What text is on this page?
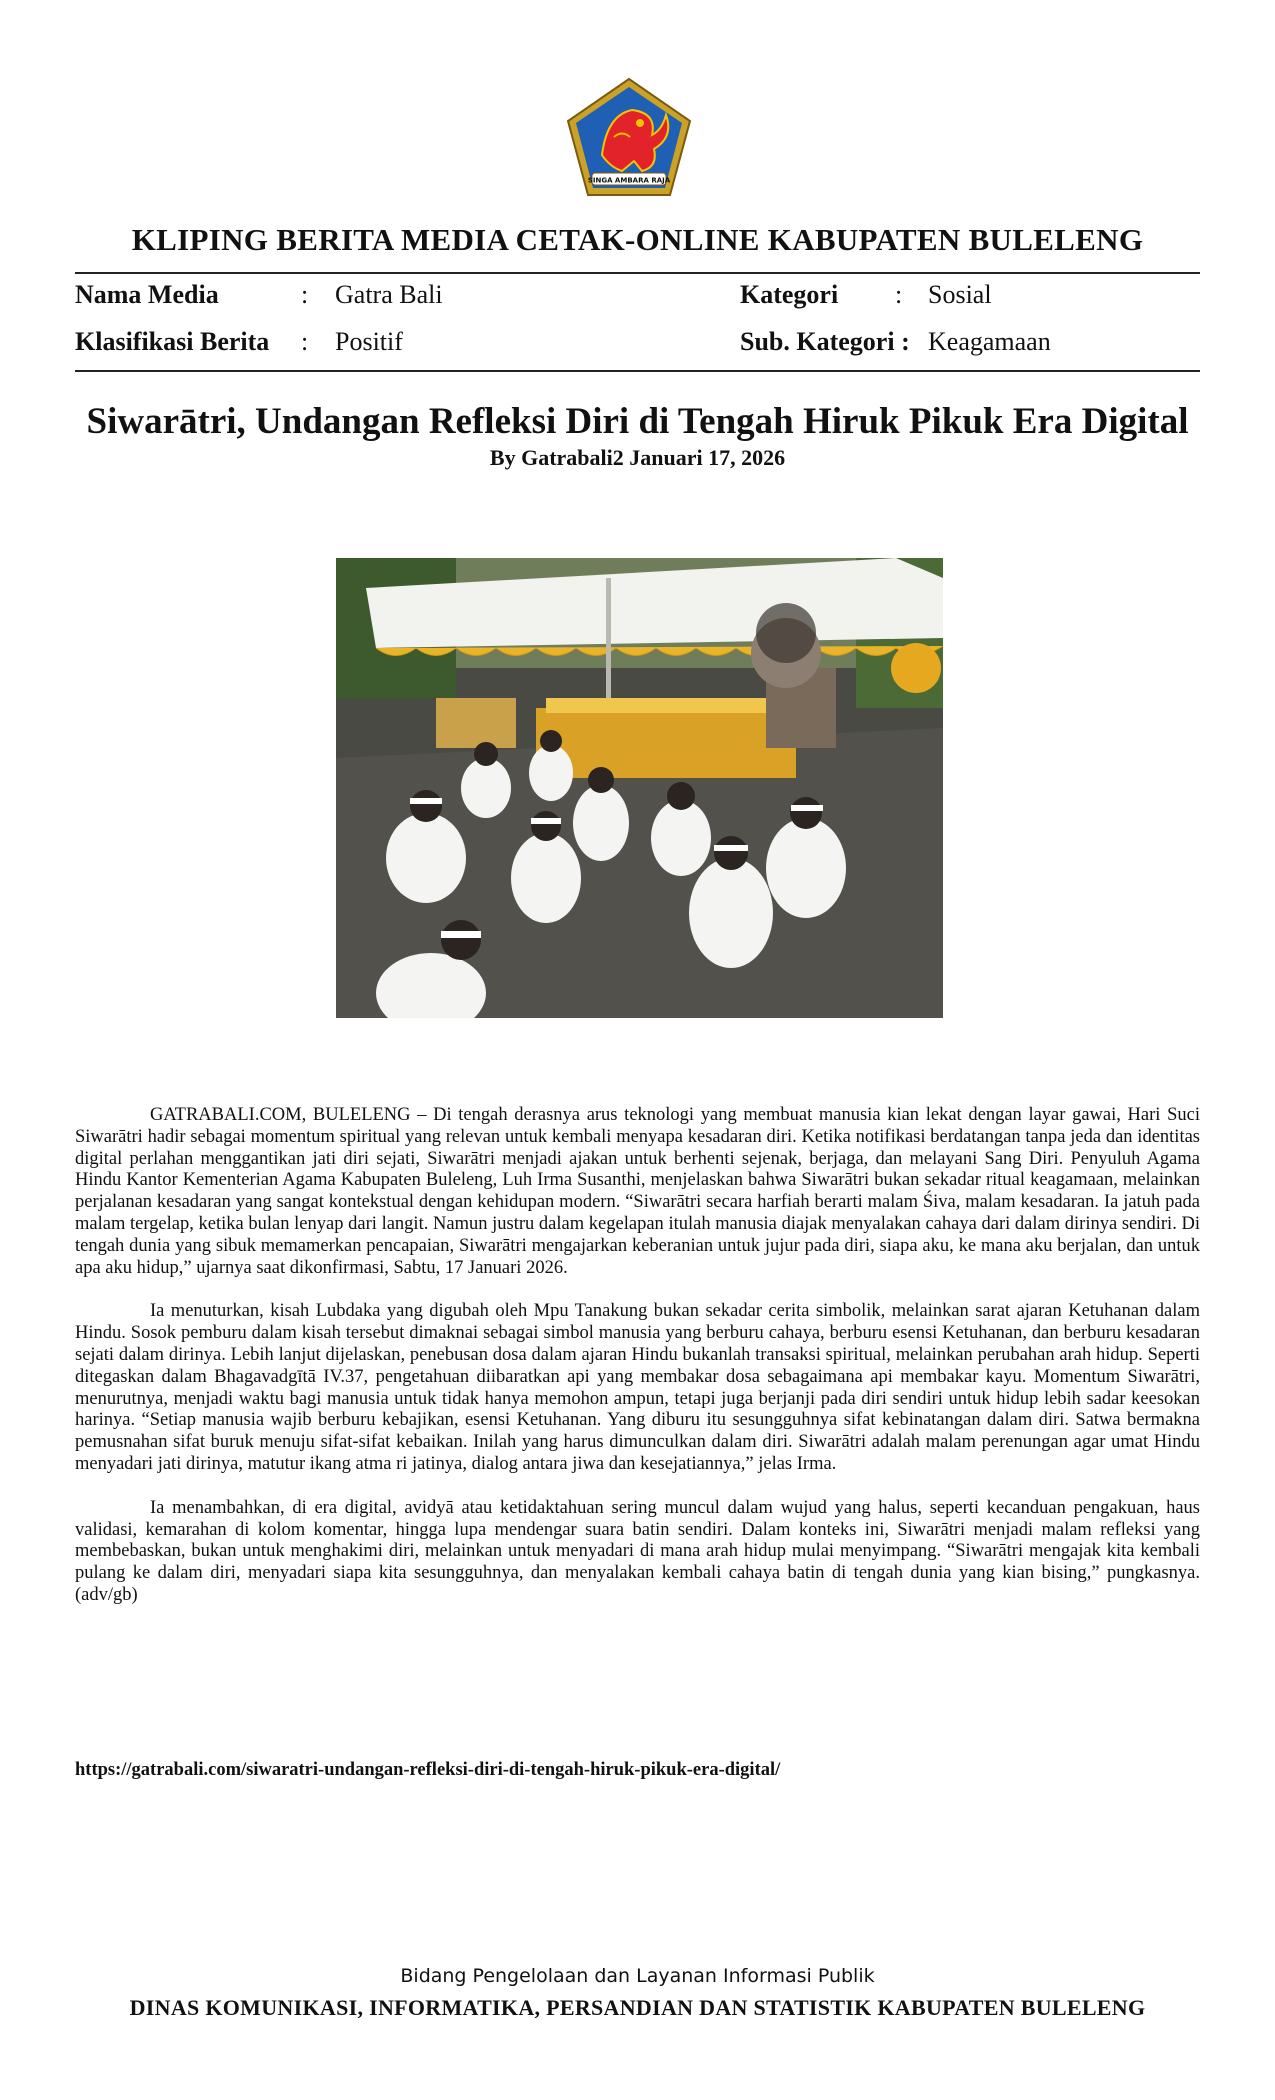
SINGA AMBARA RAJA
KLIPING BERITA MEDIA CETAK-ONLINE KABUPATEN BULELENG
Nama Media	: Gatra Bali	Kategori : Sosial
Klasifikasi Berita : Positif	Sub. Kategori : Keagamaan
Siwarātri, Undangan Refleksi Diri di Tengah Hiruk Pikuk Era Digital
By Gatrabali2 Januari 17, 2026

GATRABALI.COM, BULELENG – Di tengah derasnya arus teknologi yang membuat manusia kian lekat dengan layar gawai, Hari Suci Siwarātri hadir sebagai momentum spiritual yang relevan untuk kembali menyapa kesadaran diri. Ketika notifikasi berdatangan tanpa jeda dan identitas digital perlahan menggantikan jati diri sejati, Siwarātri menjadi ajakan untuk berhenti sejenak, berjaga, dan melayani Sang Diri. Penyuluh Agama Hindu Kantor Kementerian Agama Kabupaten Buleleng, Luh Irma Susanthi, menjelaskan bahwa Siwarātri bukan sekadar ritual keagamaan, melainkan perjalanan kesadaran yang sangat kontekstual dengan kehidupan modern. “Siwarātri secara harfiah berarti malam Śiva, malam kesadaran. Ia jatuh pada malam tergelap, ketika bulan lenyap dari langit. Namun justru dalam kegelapan itulah manusia diajak menyalakan cahaya dari dalam dirinya sendiri. Di tengah dunia yang sibuk memamerkan pencapaian, Siwarātri mengajarkan keberanian untuk jujur pada diri, siapa aku, ke mana aku berjalan, dan untuk apa aku hidup,” ujarnya saat dikonfirmasi, Sabtu, 17 Januari 2026.

Ia menuturkan, kisah Lubdaka yang digubah oleh Mpu Tanakung bukan sekadar cerita simbolik, melainkan sarat ajaran Ketuhanan dalam Hindu. Sosok pemburu dalam kisah tersebut dimaknai sebagai simbol manusia yang berburu cahaya, berburu esensi Ketuhanan, dan berburu kesadaran sejati dalam dirinya. Lebih lanjut dijelaskan, penebusan dosa dalam ajaran Hindu bukanlah transaksi spiritual, melainkan perubahan arah hidup. Seperti ditegaskan dalam Bhagavadgītā IV.37, pengetahuan diibaratkan api yang membakar dosa sebagaimana api membakar kayu. Momentum Siwarātri, menurutnya, menjadi waktu bagi manusia untuk tidak hanya memohon ampun, tetapi juga berjanji pada diri sendiri untuk hidup lebih sadar keesokan harinya. “Setiap manusia wajib berburu kebajikan, esensi Ketuhanan. Yang diburu itu sesungguhnya sifat kebinatangan dalam diri. Satwa bermakna pemusnahan sifat buruk menuju sifat-sifat kebaikan. Inilah yang harus dimunculkan dalam diri. Siwarātri adalah malam perenungan agar umat Hindu menyadari jati dirinya, matutur ikang atma ri jatinya, dialog antara jiwa dan kesejatiannya,” jelas Irma.

Ia menambahkan, di era digital, avidyā atau ketidaktahuan sering muncul dalam wujud yang halus, seperti kecanduan pengakuan, haus validasi, kemarahan di kolom komentar, hingga lupa mendengar suara batin sendiri. Dalam konteks ini, Siwarātri menjadi malam refleksi yang membebaskan, bukan untuk menghakimi diri, melainkan untuk menyadari di mana arah hidup mulai menyimpang. “Siwarātri mengajak kita kembali pulang ke dalam diri, menyadari siapa kita sesungguhnya, dan menyalakan kembali cahaya batin di tengah dunia yang kian bising,” pungkasnya. (adv/gb)

https://gatrabali.com/siwaratri-undangan-refleksi-diri-di-tengah-hiruk-pikuk-era-digital/
Bidang Pengelolaan dan Layanan Informasi Publik
DINAS KOMUNIKASI, INFORMATIKA, PERSANDIAN DAN STATISTIK KABUPATEN BULELENG
